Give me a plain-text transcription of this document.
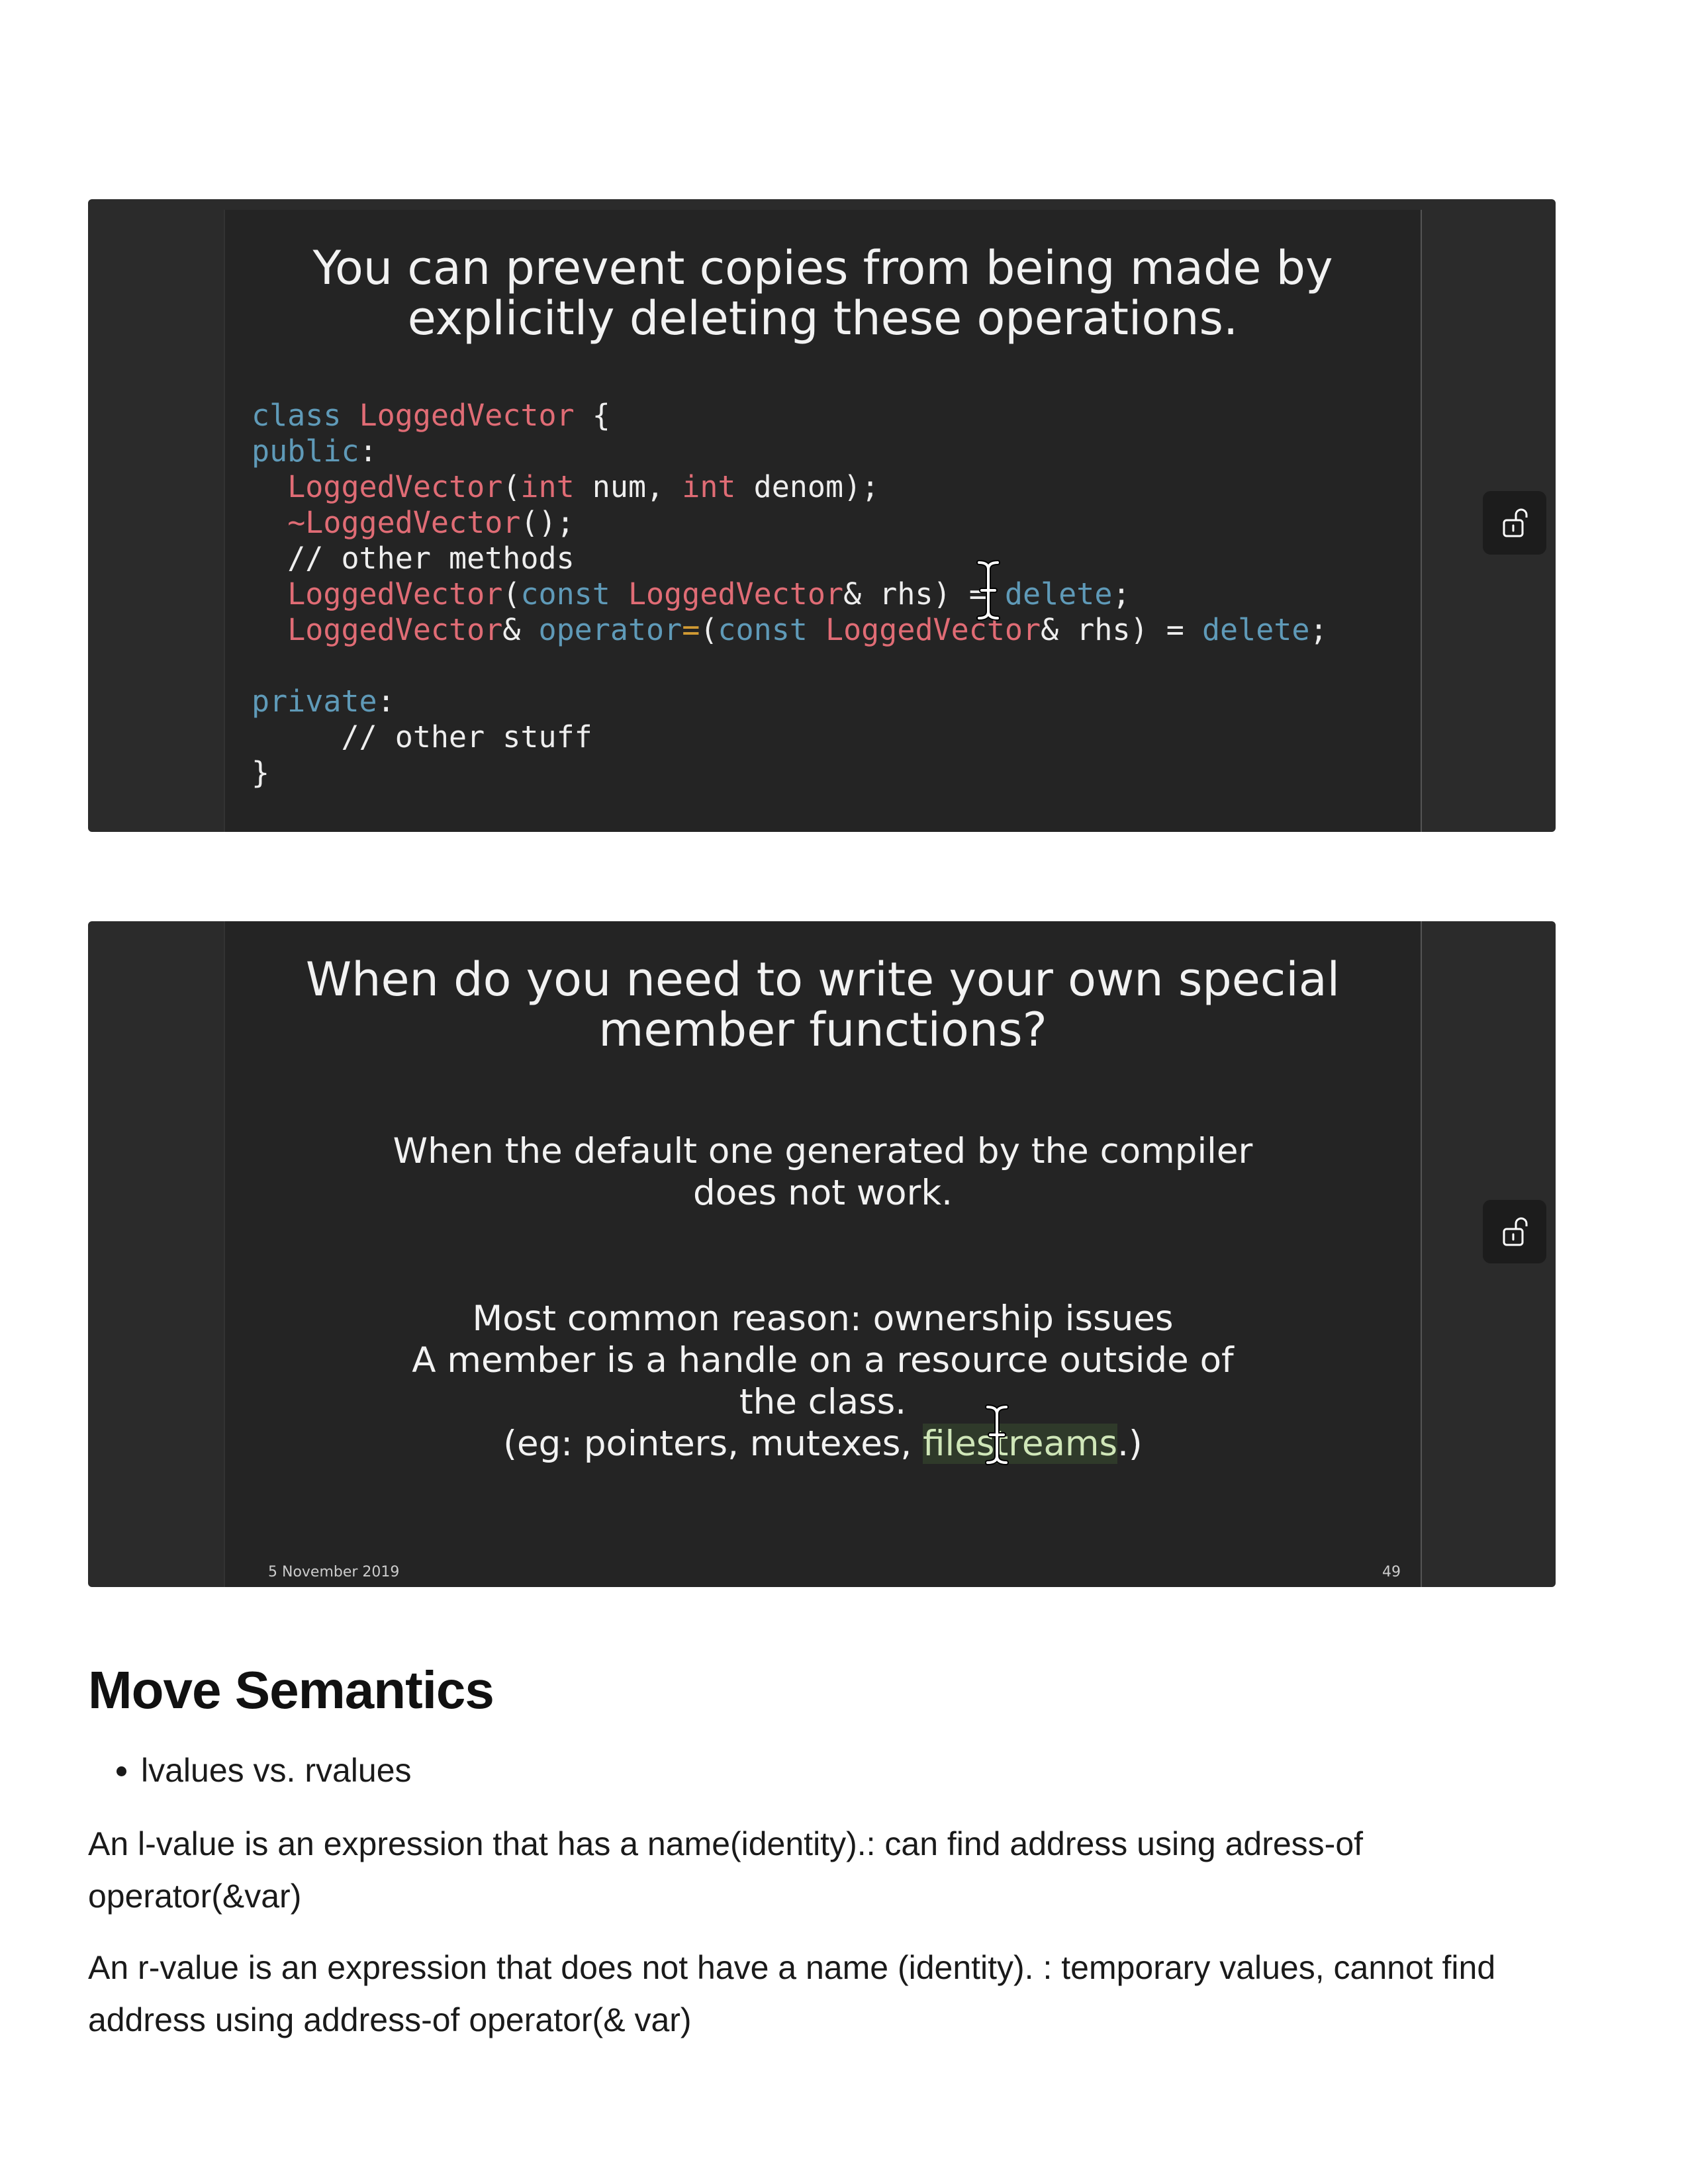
You can prevent copies from being made by
explicitly deleting these operations.
class LoggedVector {
public:
LoggedVector(int num, int denom);
~LoggedVector();
// other methods
LoggedVector(const LoggedVector& rhs) = delete;
LoggedVector& operator=(const LoggedVector& rhs) = delete;

private:
// other stuff
}
When do you need to write your own special
member functions?
When the default one generated by the compiler
does not work.
Most common reason: ownership issues
A member is a handle on a resource outside of
the class.
(eg: pointers, mutexes, filestreams.)
5 November 2019	49
Move Semantics
• lvalues vs. rvalues

An l-value is an expression that has a name(identity).: can find address using adress-of operator(&var)

An r-value is an expression that does not have a name (identity). : temporary values, cannot find address using address-of operator(& var)
